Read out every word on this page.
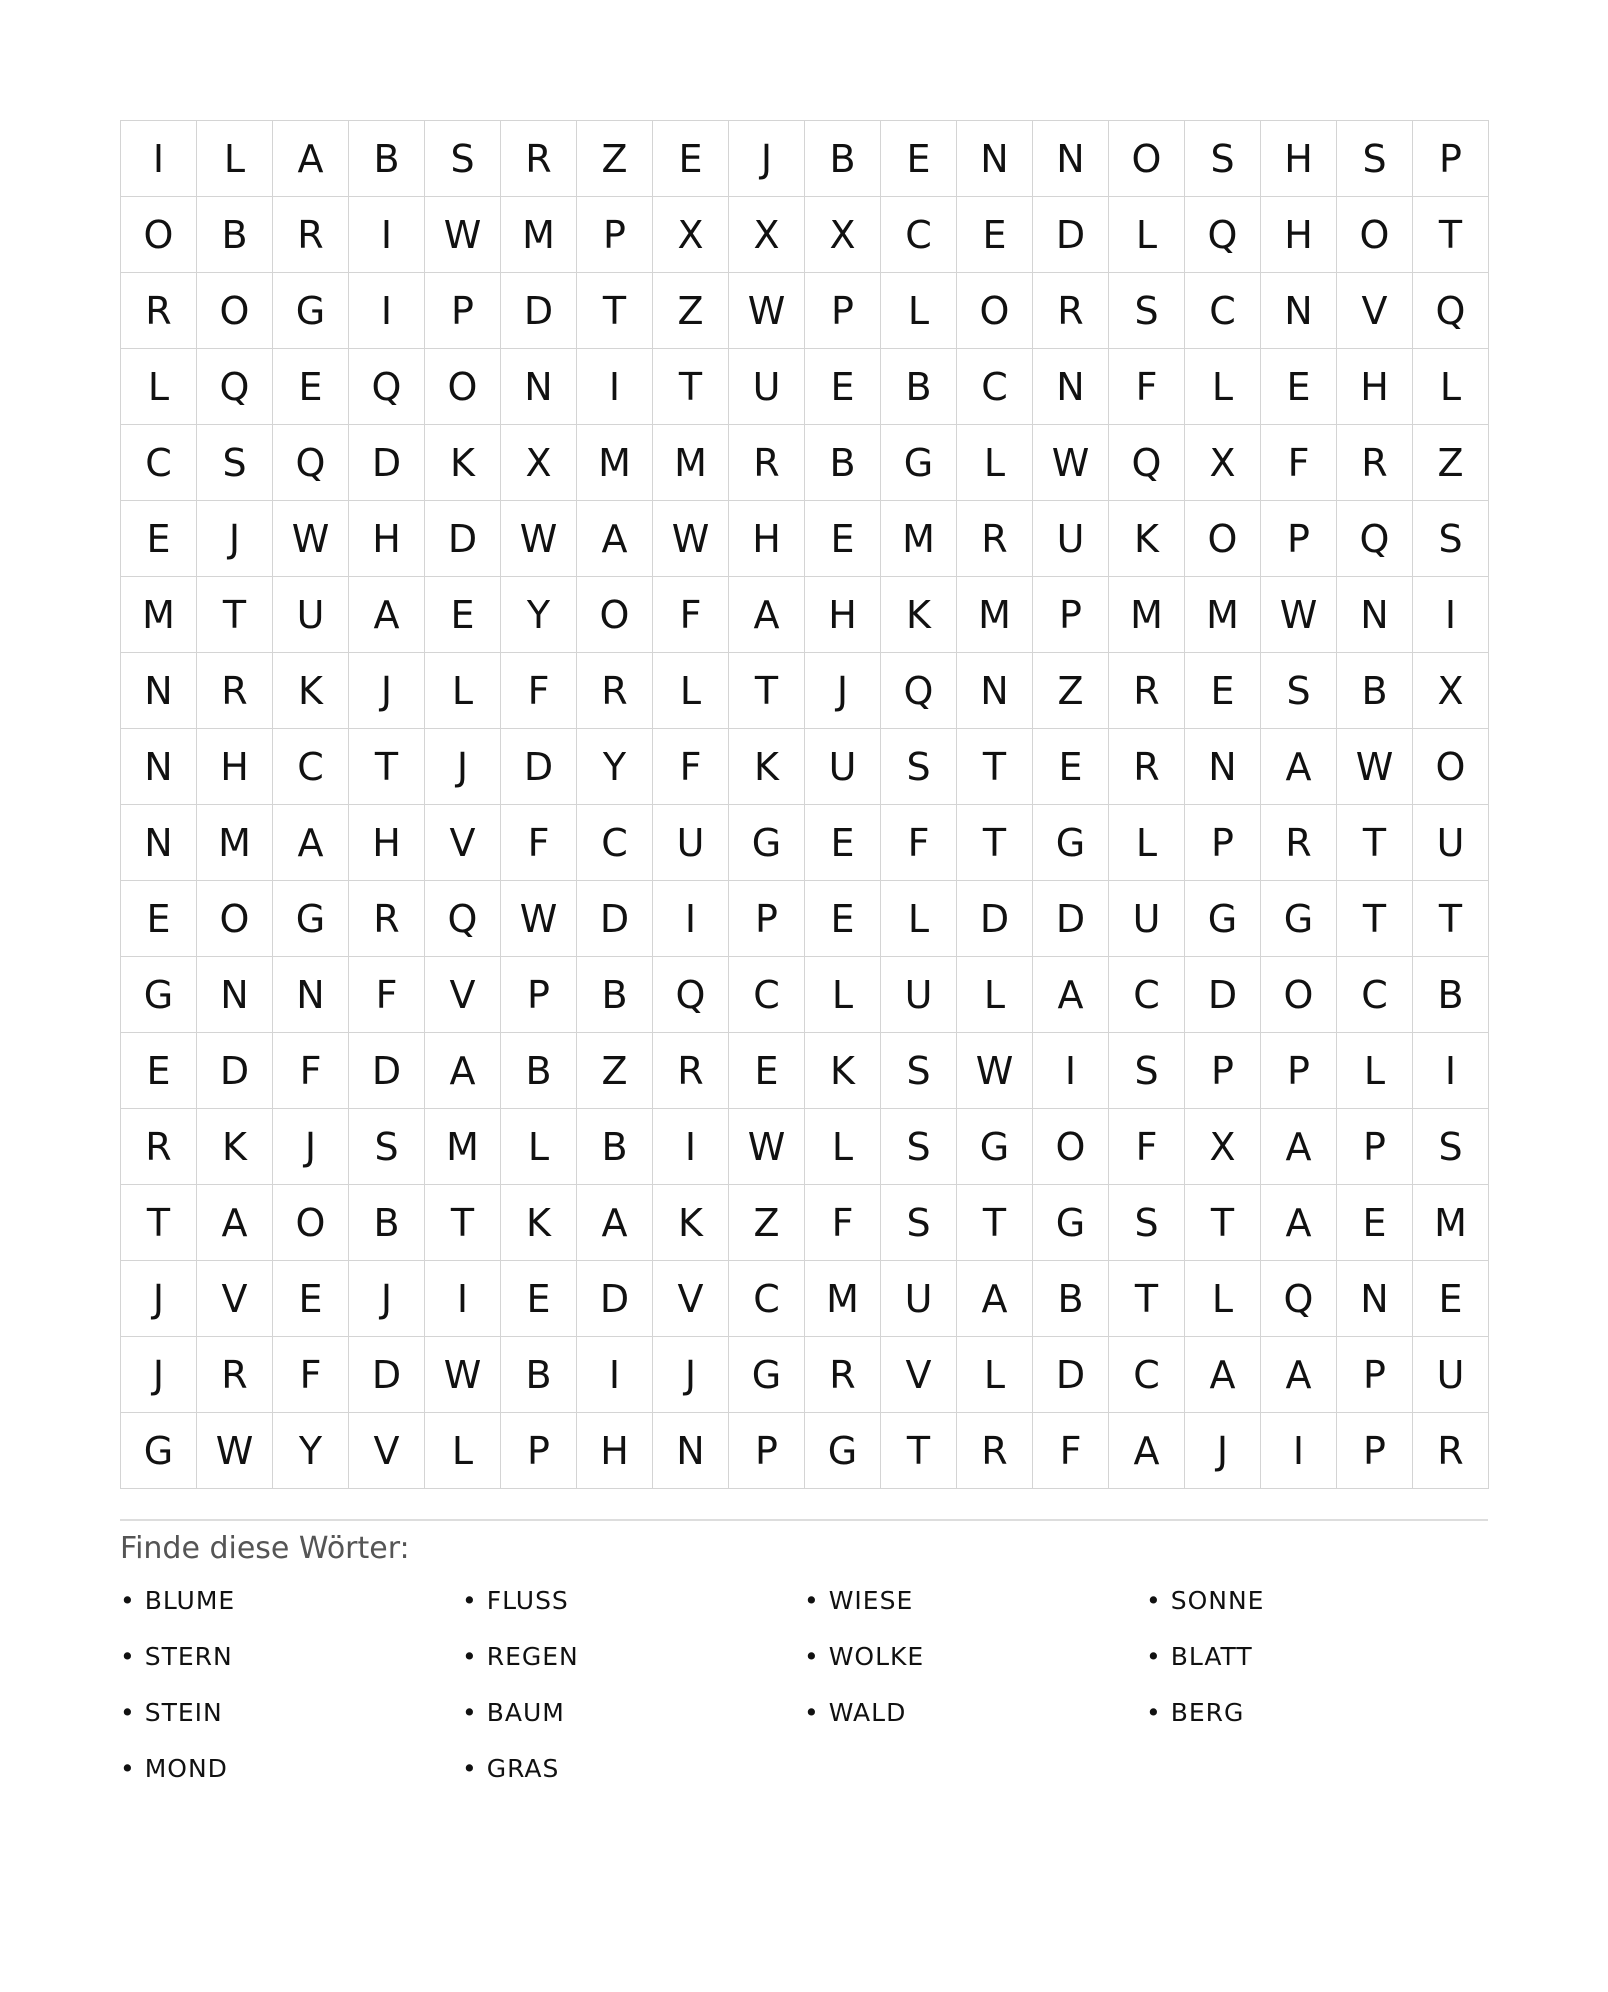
I	L	A	B	S	R	Z	E	J	B	E	N	N	O	S	H	S	P
O	B	R	I	W	M	P	X	X	X	C	E	D	L	Q	H	O	T
R	O	G	I	P	D	T	Z	W	P	L	O	R	S	C	N	V	Q
L	Q	E	Q	O	N	I	T	U	E	B	C	N	F	L	E	H	L
C	S	Q	D	K	X	M	M	R	B	G	L	W	Q	X	F	R	Z
E	J	W	H	D	W	A	W	H	E	M	R	U	K	O	P	Q	S
M	T	U	A	E	Y	O	F	A	H	K	M	P	M	M	W	N	I
N	R	K	J	L	F	R	L	T	J	Q	N	Z	R	E	S	B	X
N	H	C	T	J	D	Y	F	K	U	S	T	E	R	N	A	W	O
N	M	A	H	V	F	C	U	G	E	F	T	G	L	P	R	T	U
E	O	G	R	Q	W	D	I	P	E	L	D	D	U	G	G	T	T
G	N	N	F	V	P	B	Q	C	L	U	L	A	C	D	O	C	B
E	D	F	D	A	B	Z	R	E	K	S	W	I	S	P	P	L	I
R	K	J	S	M	L	B	I	W	L	S	G	O	F	X	A	P	S
T	A	O	B	T	K	A	K	Z	F	S	T	G	S	T	A	E	M
J	V	E	J	I	E	D	V	C	M	U	A	B	T	L	Q	N	E
J	R	F	D	W	B	I	J	G	R	V	L	D	C	A	A	P	U
G	W	Y	V	L	P	H	N	P	G	T	R	F	A	J	I	P	R
Finde diese Wörter:
• BLUME	• FLUSS	• WIESE	• SONNE
• STERN	• REGEN	• WOLKE	• BLATT
• STEIN	• BAUM	• WALD	• BERG
• MOND	• GRAS
